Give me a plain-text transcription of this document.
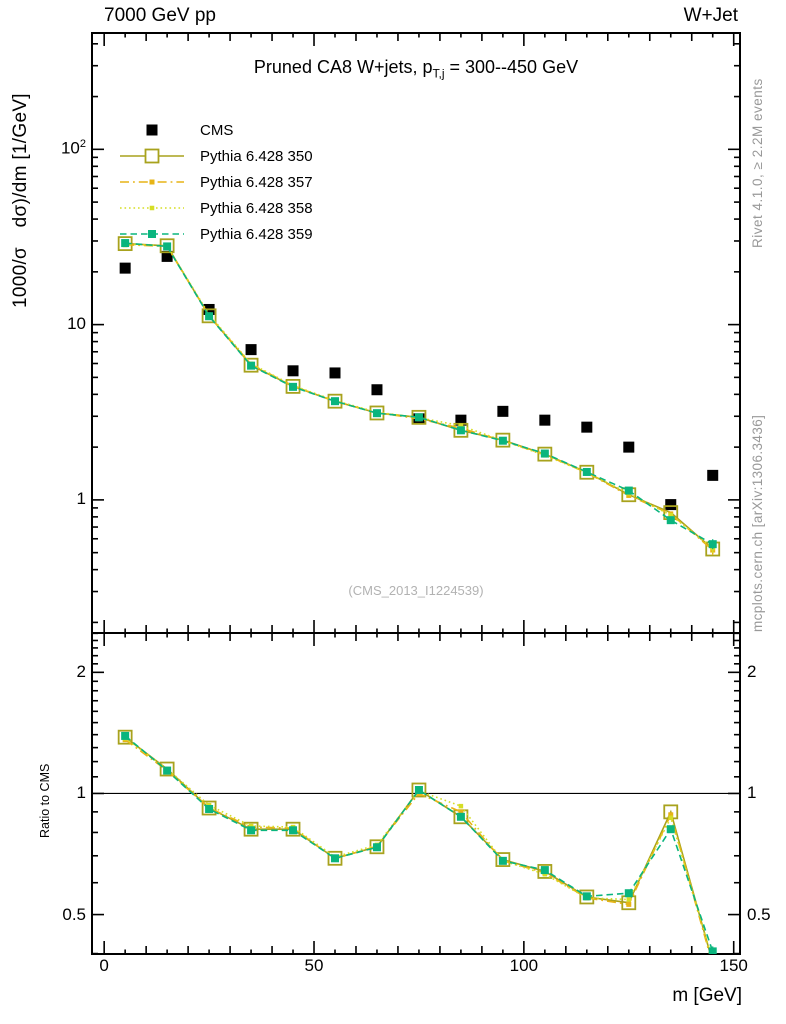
7000 GeV pp	W+Jet
Pruned CA8 W+jets, $p_{T,j} = 300--450$ GeV
CMS
Pythia 6.428 350
Pythia 6.428 357
Pythia 6.428 358
Pythia 6.428 359
1000/σ  dσ)/dm [1/GeV]
Ratio to CMS
Rivet 4.1.0, ≥ 2.2M events
mcplots.cern.ch [arXiv:1306.3436]
(CMS_2013_I1224539)
m [GeV]
0	50	100	150
$10^2$
10
1
2	2
1	1
0.5	0.5
